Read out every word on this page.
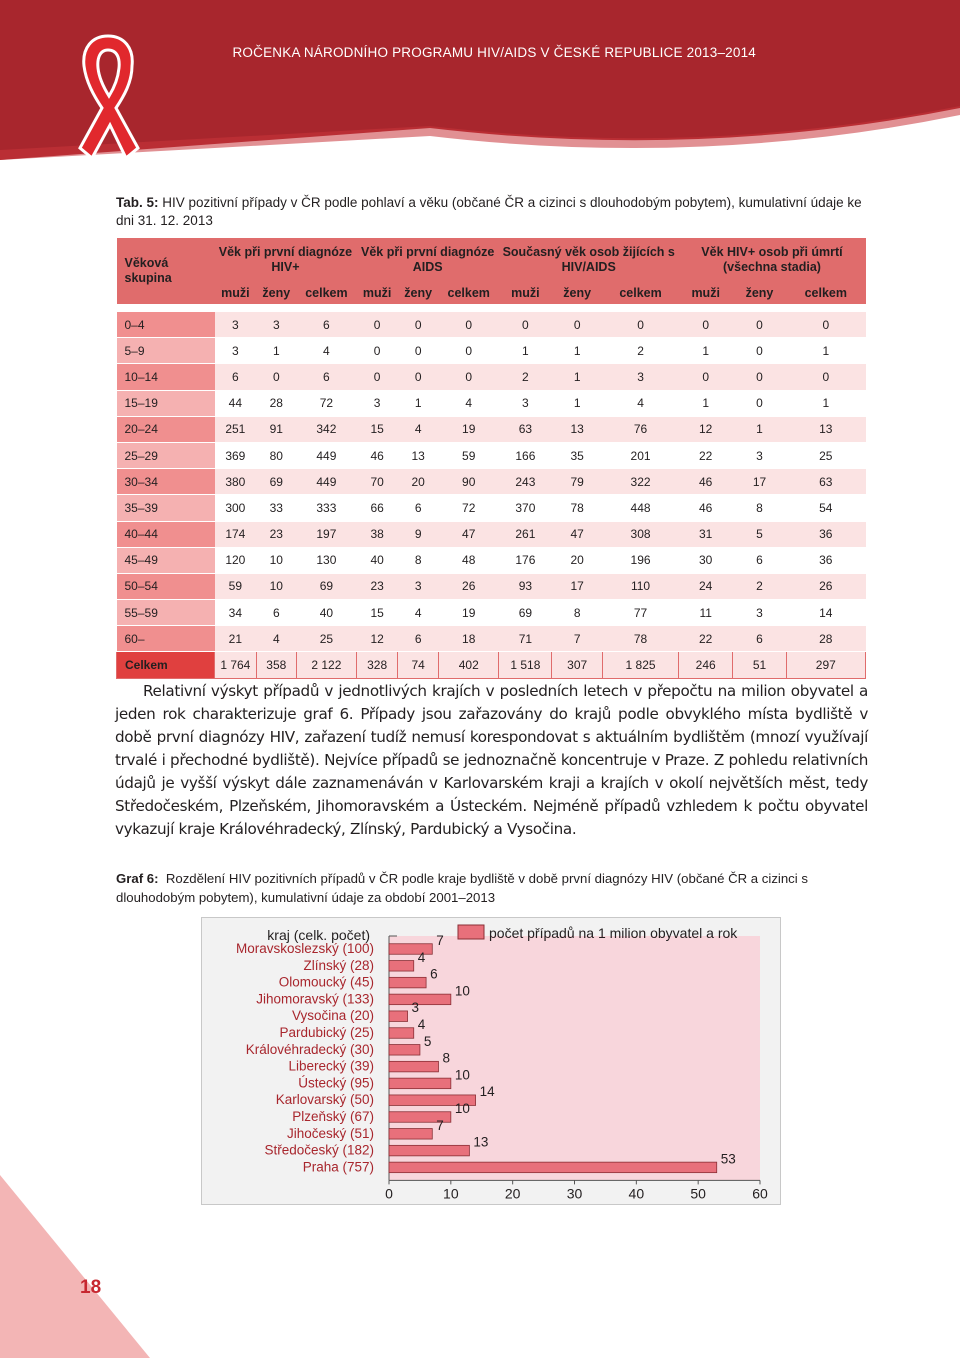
ROČENKA NÁRODNÍHO PROGRAMU HIV/AIDS V ČESKÉ REPUBLICE 2013–2014
Tab. 5: HIV pozitivní případy v ČR podle pohlaví a věku (občané ČR a cizinci s dlouhodobým pobytem), kumulativní údaje ke dni 31. 12. 2013
Věková skupina	Věk při první diagnóze HIV+			Věk při první diagnóze AIDS			Současný věk osob žijících s HIV/AIDS			Věk HIV+ osob při úmrtí (všechna stadia)		
	muži	ženy	celkem	muži	ženy	celkem	muži	ženy	celkem	muži	ženy	celkem

0–4	3	3	6	0	0	0	0	0	0	0	0	0
5–9	3	1	4	0	0	0	1	1	2	1	0	1
10–14	6	0	6	0	0	0	2	1	3	0	0	0
15–19	44	28	72	3	1	4	3	1	4	1	0	1
20–24	251	91	342	15	4	19	63	13	76	12	1	13
25–29	369	80	449	46	13	59	166	35	201	22	3	25
30–34	380	69	449	70	20	90	243	79	322	46	17	63
35–39	300	33	333	66	6	72	370	78	448	46	8	54
40–44	174	23	197	38	9	47	261	47	308	31	5	36
45–49	120	10	130	40	8	48	176	20	196	30	6	36
50–54	59	10	69	23	3	26	93	17	110	24	2	26
55–59	34	6	40	15	4	19	69	8	77	11	3	14
60–	21	4	25	12	6	18	71	7	78	22	6	28
Celkem	1 764	358	2 122	328	74	402	1 518	307	1 825	246	51	297
Relativní výskyt případů v jednotlivých krajích v posledních letech v přepočtu na milion obyvatel a jeden rok charakterizuje graf 6. Případy jsou zařazovány do krajů podle obvyklého místa bydliště v době první diagnózy HIV, zařazení tudíž nemusí korespondovat s aktuálním bydlištěm (mnozí využívají trvalé i přechodné bydliště). Nejvíce případů se jednoznačně koncentruje v Praze. Z pohledu relativních údajů je vyšší výskyt dále zaznamenáván v Karlovarském kraji a krajích v okolí největších měst, tedy Středočeském, Plzeňském, Jihomoravském a Ústeckém. Nejméně případů vzhledem k počtu obyvatel vykazují kraje Královéhradecký, Zlínský, Pardubický a Vysočina.
Graf 6: Rozdělení HIV pozitivních případů v ČR podle kraje bydliště v době první diagnózy HIV (občané ČR a cizinci s dlouhodobým pobytem), kumulativní údaje za období 2001–2013
kraj (celk. počet)	počet případů na 1 milion obyvatel a rok
Moravskoslezský (100)
7
Zlínský (28)
4
Olomoucký (45)
6
Jihomoravský (133)
10
Vysočina (20)
3
Pardubický (25)
4
Královéhradecký (30)
5
Liberecký (39)
8
Ústecký (95)
10
Karlovarský (50)
14
Plzeňský (67)
10
Jihočeský (51)
7
Středočeský (182)
13
Praha (757)
53
0	10	20	30	40	50	60
18
